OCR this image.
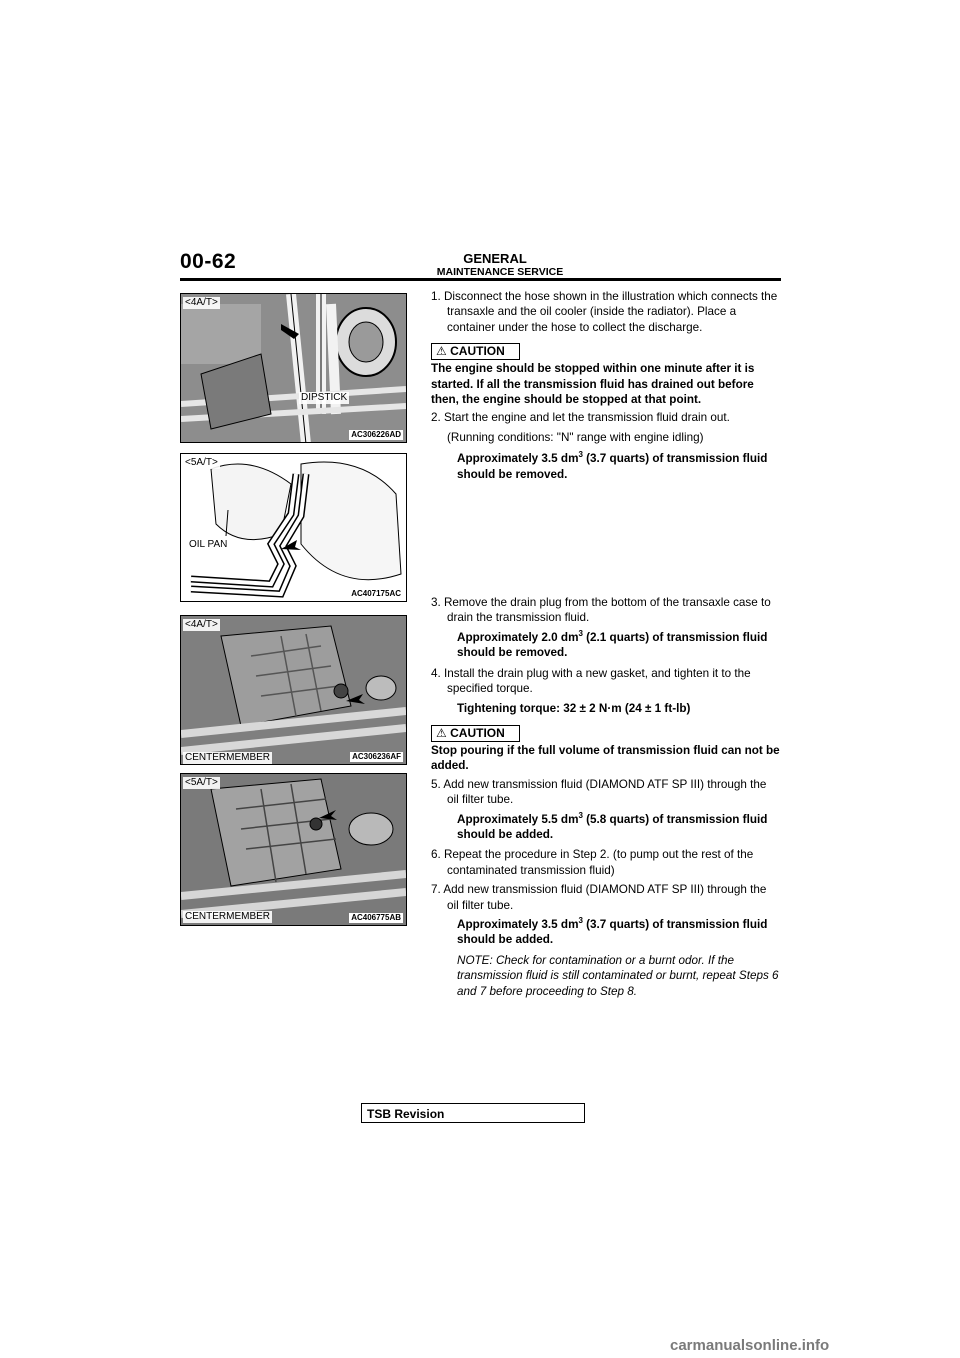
00-62	GENERAL
MAINTENANCE SERVICE
<4A/T>
DIPSTICK
AC306226AD
<5A/T>
OIL PAN
AC407175AC
<4A/T>
CENTERMEMBER	AC306236AF
<5A/T>
CENTERMEMBER	AC406775AB
1. Disconnect the hose shown in the illustration which connects the transaxle and the oil cooler (inside the radiator). Place a container under the hose to collect the discharge.
⚠ CAUTION
The engine should be stopped within one minute after it is started. If all the transmission fluid has drained out before then, the engine should be stopped at that point.
2. Start the engine and let the transmission fluid drain out.
(Running conditions: "N" range with engine idling)
Approximately 3.5 $dm^3$ (3.7 quarts) of transmission fluid should be removed.
3. Remove the drain plug from the bottom of the transaxle case to drain the transmission fluid.
Approximately 2.0 $dm^3$ (2.1 quarts) of transmission fluid should be removed.
4. Install the drain plug with a new gasket, and tighten it to the specified torque.
Tightening torque: 32 ± 2 N·m (24 ± 1 ft-lb)
⚠ CAUTION
Stop pouring if the full volume of transmission fluid can not be added.
5. Add new transmission fluid (DIAMOND ATF SP III) through the oil filter tube.
Approximately 5.5 $dm^3$ (5.8 quarts) of transmission fluid should be added.
6. Repeat the procedure in Step 2. (to pump out the rest of the contaminated transmission fluid)
7. Add new transmission fluid (DIAMOND ATF SP III) through the oil filter tube.
Approximately 3.5 $dm^3$ (3.7 quarts) of transmission fluid should be added.
NOTE: Check for contamination or a burnt odor. If the transmission fluid is still contaminated or burnt, repeat Steps 6 and 7 before proceeding to Step 8.
TSB Revision
carmanualsonline.info
